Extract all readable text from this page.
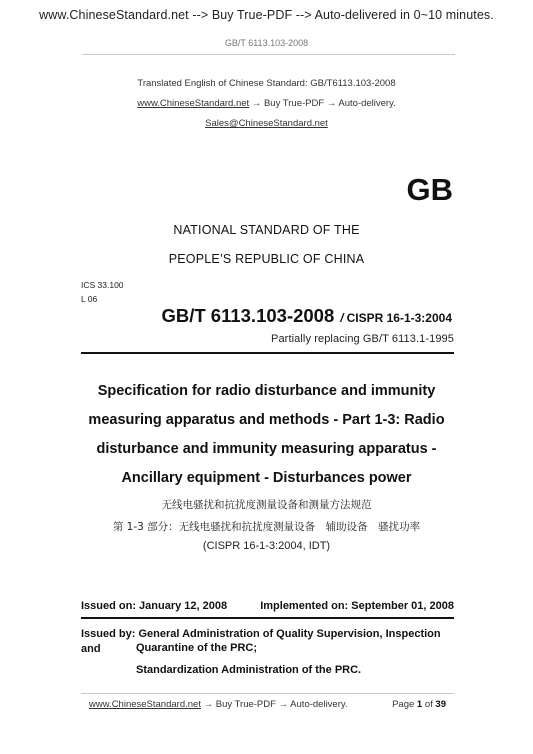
www.ChineseStandard.net --> Buy True-PDF --> Auto-delivered in 0~10 minutes.
GB/T 6113.103-2008
Translated English of Chinese Standard: GB/T6113.103-2008
www.ChineseStandard.net → Buy True-PDF → Auto-delivery.
Sales@ChineseStandard.net
GB
NATIONAL STANDARD OF THE
PEOPLE’S REPUBLIC OF CHINA
ICS 33.100
L 06
GB/T 6113.103-2008 / CISPR 16-1-3:2004
Partially replacing GB/T 6113.1-1995
Specification for radio disturbance and immunity
measuring apparatus and methods - Part 1-3: Radio
disturbance and immunity measuring apparatus -
Ancillary equipment - Disturbances power
无线电骚扰和抗扰度测量设备和测量方法规范
第 1-3 部分：无线电骚扰和抗扰度测量设备　辅助设备　骚扰功率
(CISPR 16-1-3:2004, IDT)
Issued on: January 12, 2008	Implemented on: September 01, 2008
Issued by: General Administration of Quality Supervision, Inspection and	Quarantine of the PRC;
Standardization Administration of the PRC.
www.ChineseStandard.net → Buy True-PDF → Auto-delivery.	Page 1 of 39
